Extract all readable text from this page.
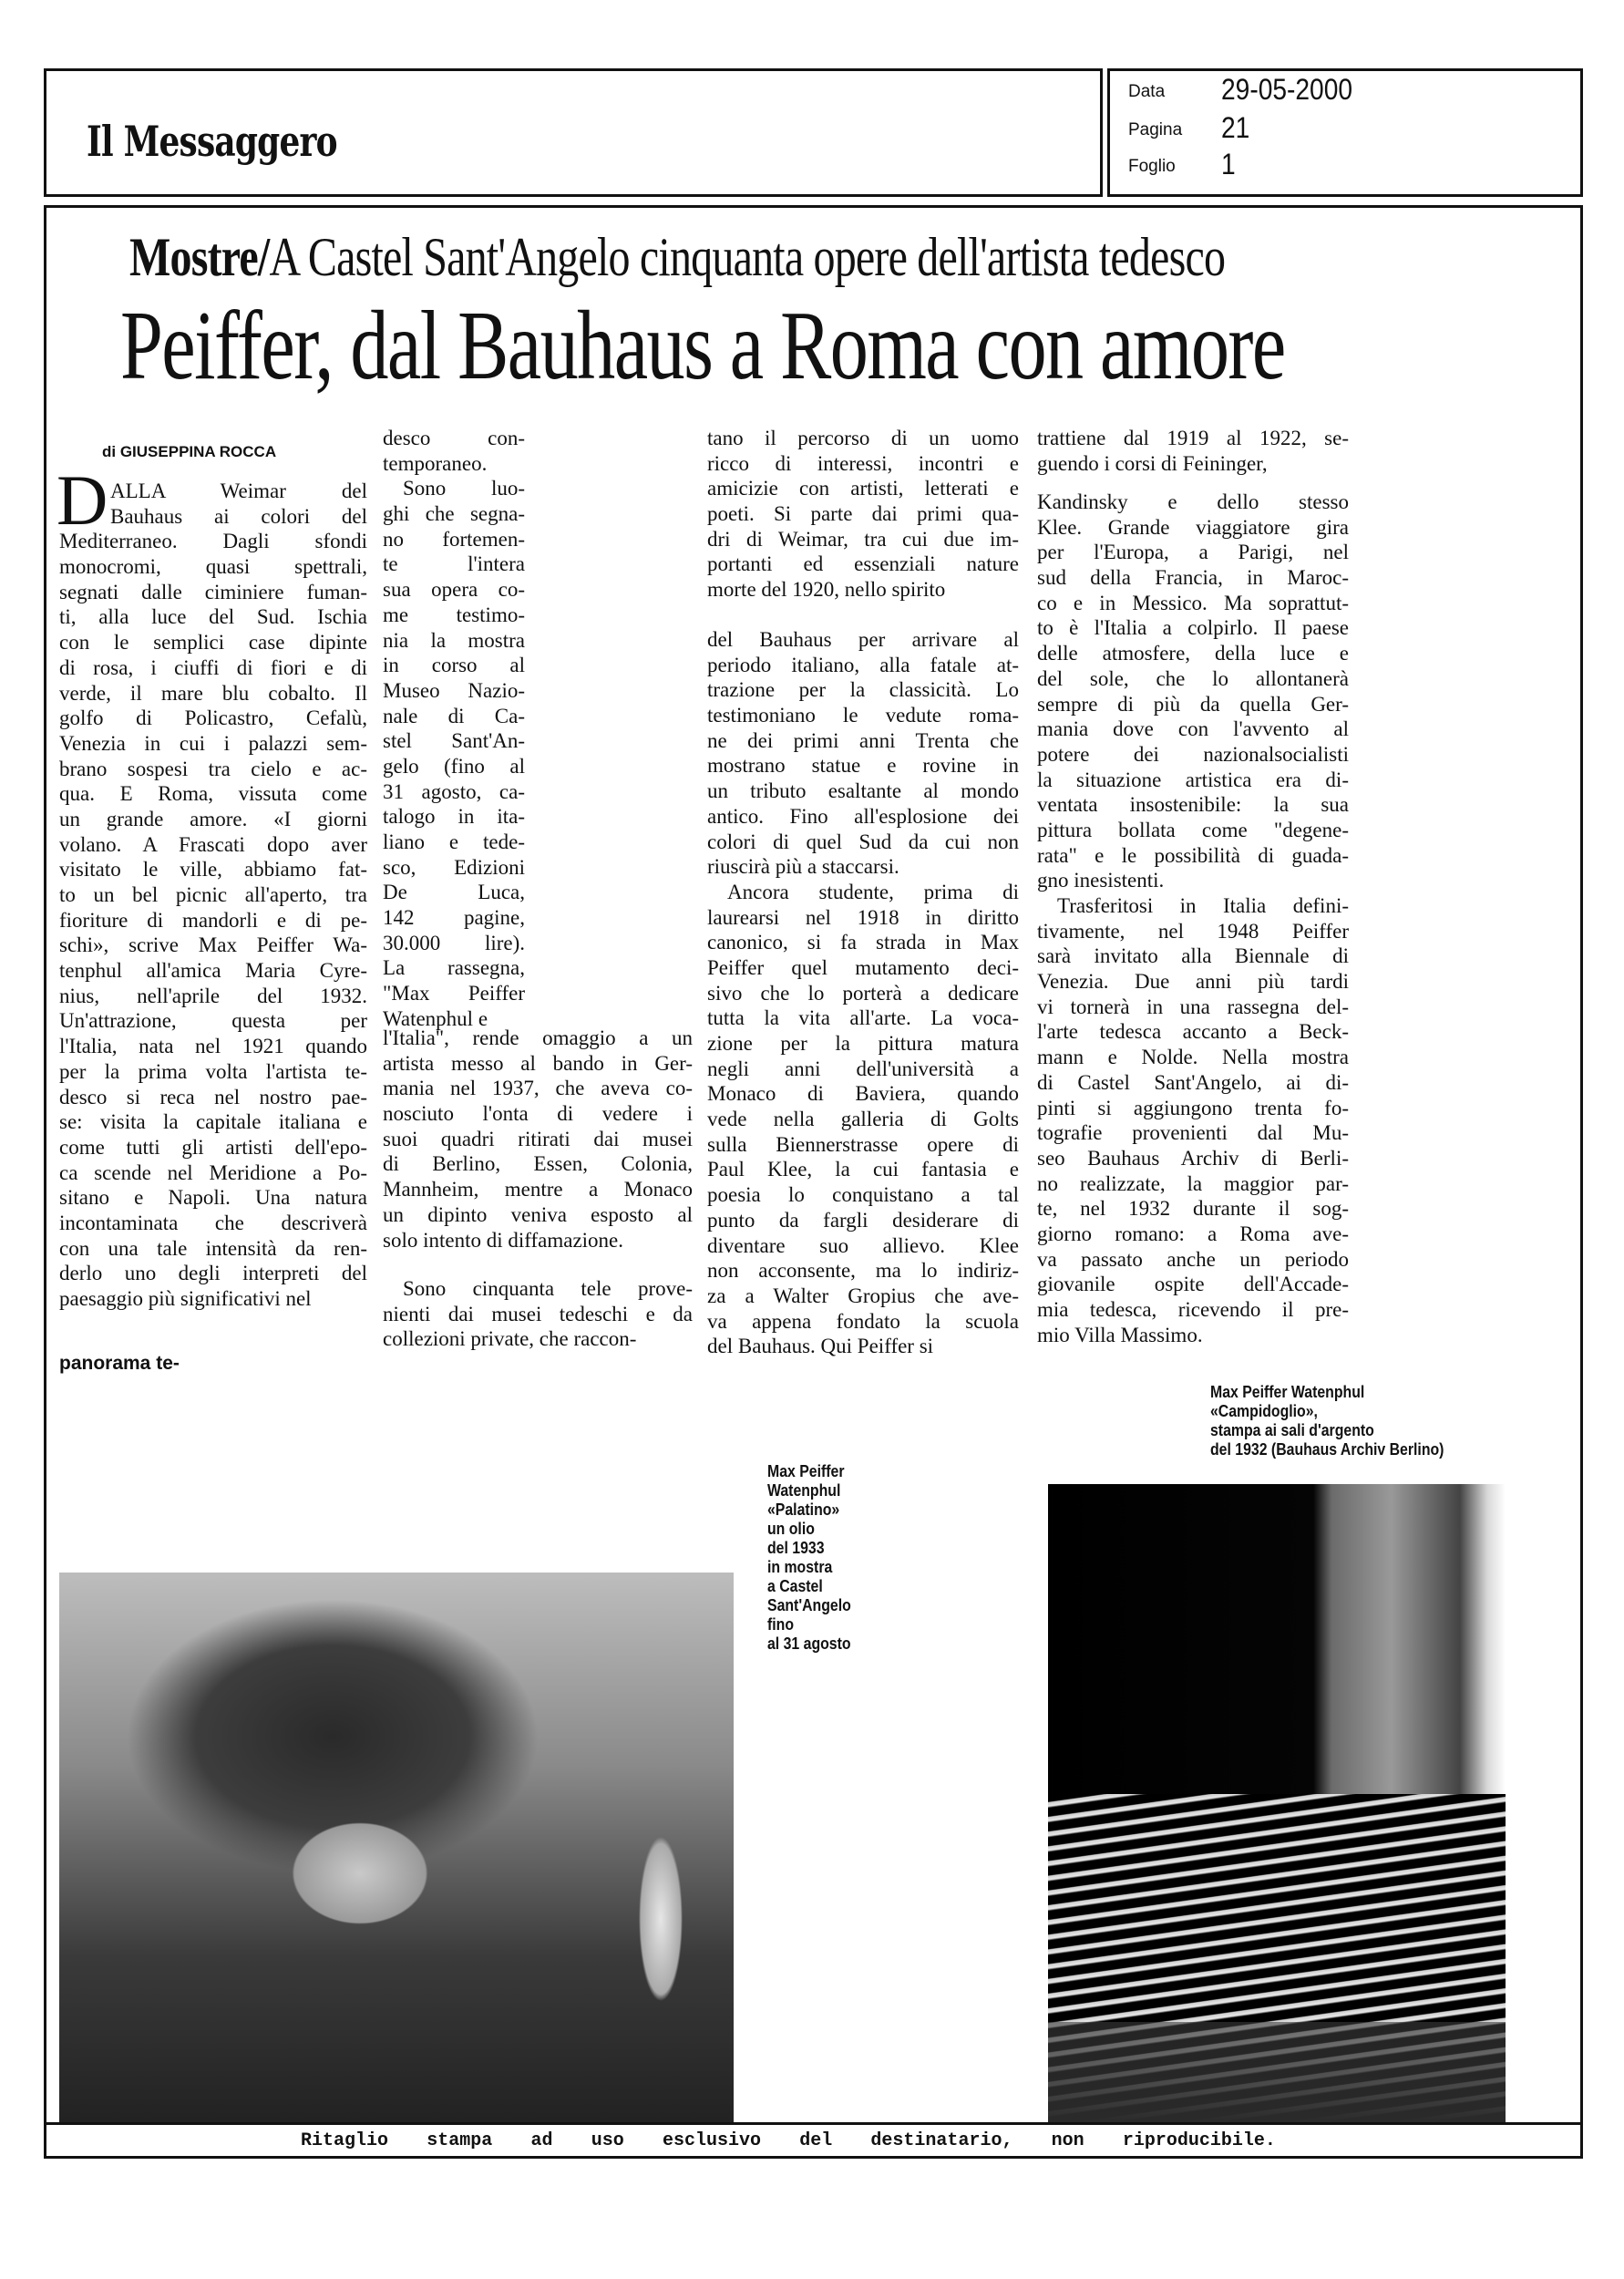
Il Messaggero
Data 29-05-2000
Pagina 21
Foglio 1
Mostre/A Castel Sant'Angelo cinquanta opere dell'artista tedesco
Peiffer, dal Bauhaus a Roma con amore
di GIUSEPPINA ROCCA
D ALLA Weimar del
Bauhaus ai colori del
Mediterraneo. Dagli sfondi
monocromi, quasi spettrali,
segnati dalle ciminiere fuman-
ti, alla luce del Sud. Ischia
con le semplici case dipinte
di rosa, i ciuffi di fiori e di
verde, il mare blu cobalto. Il
golfo di Policastro, Cefalù,
Venezia in cui i palazzi sem-
brano sospesi tra cielo e ac-
qua. E Roma, vissuta come
un grande amore. «I giorni
volano. A Frascati dopo aver
visitato le ville, abbiamo fat-
to un bel picnic all'aperto, tra
fioriture di mandorli e di pe-
schi», scrive Max Peiffer Wa-
tenphul all'amica Maria Cyre-
nius, nell'aprile del 1932.
Un'attrazione, questa per
l'Italia, nata nel 1921 quando
per la prima volta l'artista te-
desco si reca nel nostro pae-
se: visita la capitale italiana e
come tutti gli artisti dell'epo-
ca scende nel Meridione a Po-
sitano e Napoli. Una natura
incontaminata che descriverà
con una tale intensità da ren-
derlo uno degli interpreti del
paesaggio più significativi nel
panorama te-
desco con-
temporaneo.
Sono luo-
ghi che segna-
no fortemen-
te l'intera
sua opera co-
me testimo-
nia la mostra
in corso al
Museo Nazio-
nale di Ca-
stel Sant'An-
gelo (fino al
31 agosto, ca-
talogo in ita-
liano e tede-
sco, Edizioni
De Luca,
142 pagine,
30.000 lire).
La rassegna,
"Max Peiffer
Watenphul e
l'Italia", rende omaggio a un
artista messo al bando in Ger-
mania nel 1937, che aveva co-
nosciuto l'onta di vedere i
suoi quadri ritirati dai musei
di Berlino, Essen, Colonia,
Mannheim, mentre a Monaco
un dipinto veniva esposto al
solo intento di diffamazione.
Sono cinquanta tele prove-
nienti dai musei tedeschi e da
collezioni private, che raccon-
tano il percorso di un uomo
ricco di interessi, incontri e
amicizie con artisti, letterati e
poeti. Si parte dai primi qua-
dri di Weimar, tra cui due im-
portanti ed essenziali nature
morte del 1920, nello spirito
del Bauhaus per arrivare al
periodo italiano, alla fatale at-
trazione per la classicità. Lo
testimoniano le vedute roma-
ne dei primi anni Trenta che
mostrano statue e rovine in
un tributo esaltante al mondo
antico. Fino all'esplosione dei
colori di quel Sud da cui non
riuscirà più a staccarsi.
Ancora studente, prima di
laurearsi nel 1918 in diritto
canonico, si fa strada in Max
Peiffer quel mutamento deci-
sivo che lo porterà a dedicare
tutta la vita all'arte. La voca-
zione per la pittura matura
negli anni dell'università a
Monaco di Baviera, quando
vede nella galleria di Golts
sulla Biennerstrasse opere di
Paul Klee, la cui fantasia e
poesia lo conquistano a tal
punto da fargli desiderare di
diventare suo allievo. Klee
non acconsente, ma lo indiriz-
za a Walter Gropius che ave-
va appena fondato la scuola
del Bauhaus. Qui Peiffer si
trattiene dal 1919 al 1922, se-
guendo i corsi di Feininger,
Kandinsky e dello stesso
Klee. Grande viaggiatore gira
per l'Europa, a Parigi, nel
sud della Francia, in Maroc-
co e in Messico. Ma soprattut-
to è l'Italia a colpirlo. Il paese
delle atmosfere, della luce e
del sole, che lo allontanerà
sempre di più da quella Ger-
mania dove con l'avvento al
potere dei nazionalsocialisti
la situazione artistica era di-
ventata insostenibile: la sua
pittura bollata come "degene-
rata" e le possibilità di guada-
gno inesistenti.
Trasferitosi in Italia defini-
tivamente, nel 1948 Peiffer
sarà invitato alla Biennale di
Venezia. Due anni più tardi
vi tornerà in una rassegna del-
l'arte tedesca accanto a Beck-
mann e Nolde. Nella mostra
di Castel Sant'Angelo, ai di-
pinti si aggiungono trenta fo-
tografie provenienti dal Mu-
seo Bauhaus Archiv di Berli-
no realizzate, la maggior par-
te, nel 1932 durante il sog-
giorno romano: a Roma ave-
va passato anche un periodo
giovanile ospite dell'Accade-
mia tedesca, ricevendo il pre-
mio Villa Massimo.
Max Peiffer
Watenphul
«Palatino»
un olio
del 1933
in mostra
a Castel
Sant'Angelo
fino
al 31 agosto
Max Peiffer Watenphul
«Campidoglio»,
stampa ai sali d'argento
del 1932 (Bauhaus Archiv Berlino)
Ritaglio stampa ad uso esclusivo del destinatario, non riproducibile.
